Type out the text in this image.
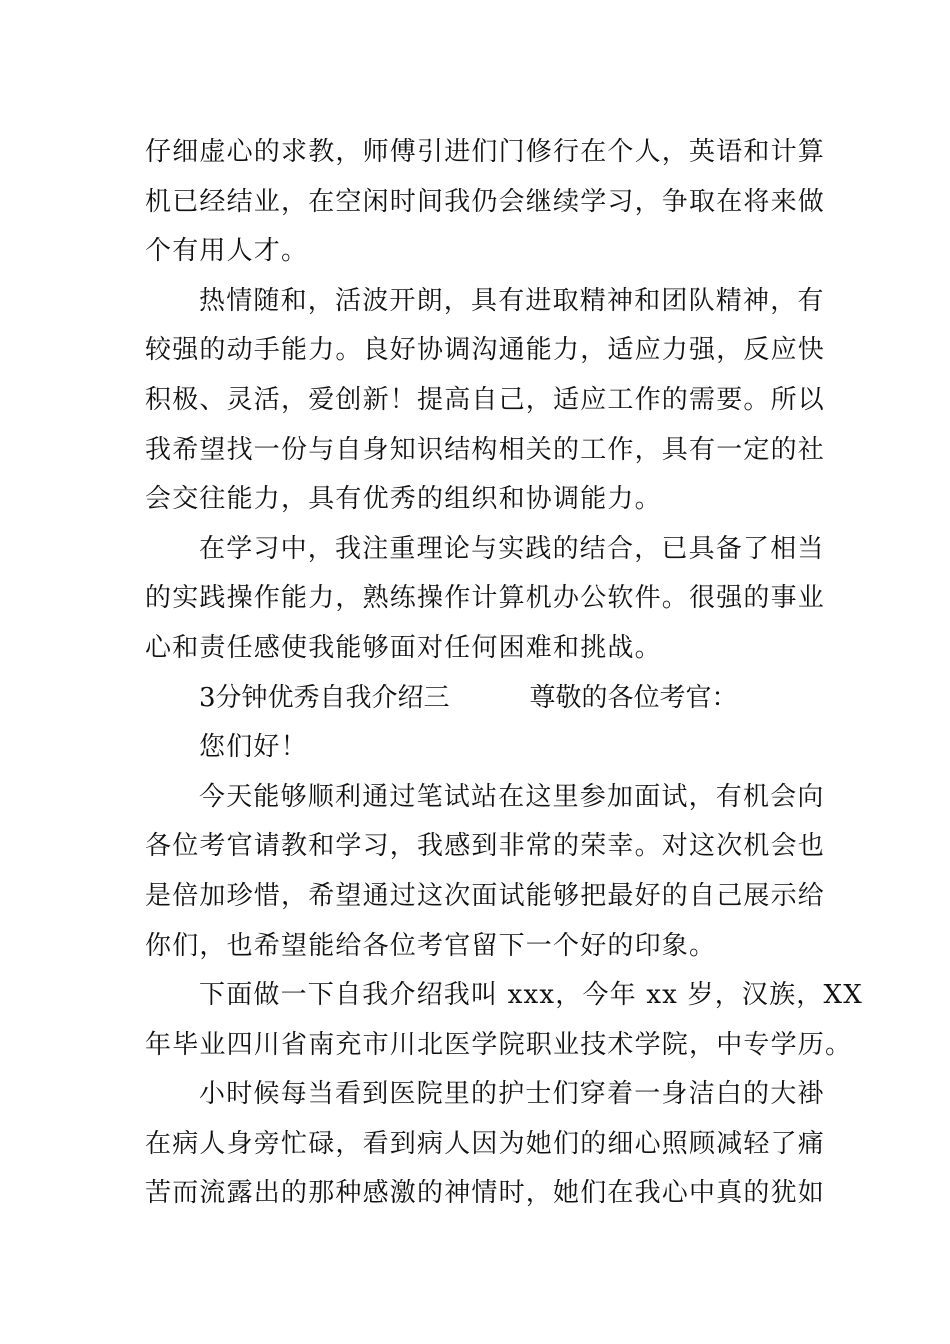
仔细虚心的求教，师傅引进们门修行在个人，英语和计算
机已经结业，在空闲时间我仍会继续学习，争取在将来做
个有用人才。
热情随和，活波开朗，具有进取精神和团队精神，有
较强的动手能力。良好协调沟通能力，适应力强，反应快
积极、灵活，爱创新！提高自己，适应工作的需要。所以
我希望找一份与自身知识结构相关的工作，具有一定的社
会交往能力，具有优秀的组织和协调能力。
在学习中，我注重理论与实践的结合，已具备了相当
的实践操作能力，熟练操作计算机办公软件。很强的事业
心和责任感使我能够面对任何困难和挑战。
3分钟优秀自我介绍三	尊敬的各位考官：
您们好！
今天能够顺利通过笔试站在这里参加面试，有机会向
各位考官请教和学习，我感到非常的荣幸。对这次机会也
是倍加珍惜，希望通过这次面试能够把最好的自己展示给
你们，也希望能给各位考官留下一个好的印象。
下面做一下自我介绍我叫 xxx，今年 xx 岁，汉族，XX
年毕业四川省南充市川北医学院职业技术学院，中专学历。
小时候每当看到医院里的护士们穿着一身洁白的大褂
在病人身旁忙碌，看到病人因为她们的细心照顾减轻了痛
苦而流露出的那种感激的神情时，她们在我心中真的犹如
